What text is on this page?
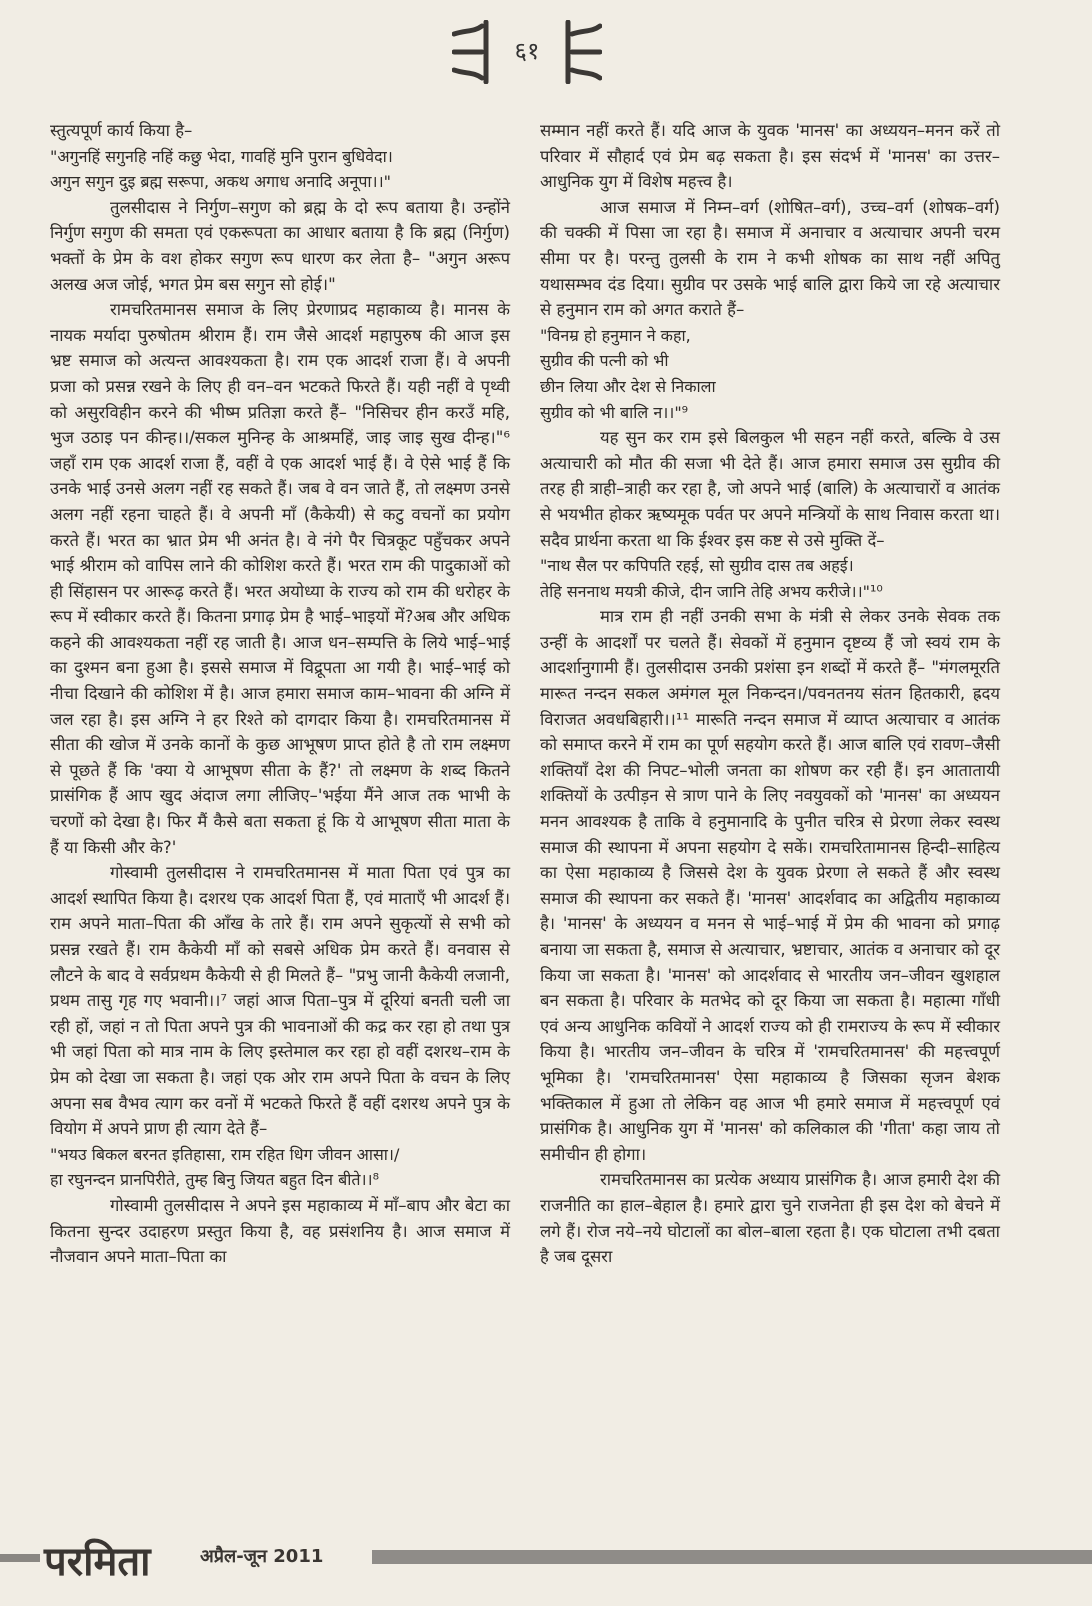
६१

स्तुत्यपूर्ण कार्य किया है–

"अगुनहिं सगुनहि नहिं कछु भेदा, गावहिं मुनि पुरान बुधिवेदा।

अगुन सगुन दुइ ब्रह्म सरूपा, अकथ अगाध अनादि अनूपा।।"

तुलसीदास ने निर्गुण–सगुण को ब्रह्म के दो रूप बताया है। उन्होंने निर्गुण सगुण की समता एवं एकरूपता का आधार बताया है कि ब्रह्म (निर्गुण) भक्तों के प्रेम के वश होकर सगुण रूप धारण कर लेता है– "अगुन अरूप अलख अज जोई, भगत प्रेम बस सगुन सो होई।"

रामचरितमानस समाज के लिए प्रेरणाप्रद महाकाव्य है। मानस के नायक मर्यादा पुरुषोतम श्रीराम हैं। राम जैसे आदर्श महापुरुष की आज इस भ्रष्ट समाज को अत्यन्त आवश्यकता है। राम एक आदर्श राजा हैं। वे अपनी प्रजा को प्रसन्न रखने के लिए ही वन–वन भटकते फिरते हैं। यही नहीं वे पृथ्वी को असुरविहीन करने की भीष्म प्रतिज्ञा करते हैं– "निसिचर हीन करउँ महि, भुज उठाइ पन कीन्ह।।/सकल मुनिन्ह के आश्रमहिं, जाइ जाइ सुख दीन्ह।"⁶ जहाँ राम एक आदर्श राजा हैं, वहीं वे एक आदर्श भाई हैं। वे ऐसे भाई हैं कि उनके भाई उनसे अलग नहीं रह सकते हैं। जब वे वन जाते हैं, तो लक्ष्मण उनसे अलग नहीं रहना चाहते हैं। वे अपनी माँ (कैकेयी) से कटु वचनों का प्रयोग करते हैं। भरत का भ्रात प्रेम भी अनंत है। वे नंगे पैर चित्रकूट पहुँचकर अपने भाई श्रीराम को वापिस लाने की कोशिश करते हैं। भरत राम की पादुकाओं को ही सिंहासन पर आरूढ़ करते हैं। भरत अयोध्या के राज्य को राम की धरोहर के रूप में स्वीकार करते हैं। कितना प्रगाढ़ प्रेम है भाई–भाइयों में?अब और अधिक कहने की आवश्यकता नहीं रह जाती है। आज धन–सम्पत्ति के लिये भाई–भाई का दुश्मन बना हुआ है। इससे समाज में विद्रूपता आ गयी है। भाई–भाई को नीचा दिखाने की कोशिश में है। आज हमारा समाज काम–भावना की अग्नि में जल रहा है। इस अग्नि ने हर रिश्ते को दागदार किया है। रामचरितमानस में सीता की खोज में उनके कानों के कुछ आभूषण प्राप्त होते है तो राम लक्ष्मण से पूछते हैं कि 'क्या ये आभूषण सीता के हैं?' तो लक्ष्मण के शब्द कितने प्रासंगिक हैं आप खुद अंदाज लगा लीजिए–'भईया मैंने आज तक भाभी के चरणों को देखा है। फिर मैं कैसे बता सकता हूं कि ये आभूषण सीता माता के हैं या किसी और के?'

गोस्वामी तुलसीदास ने रामचरितमानस में माता पिता एवं पुत्र का आदर्श स्थापित किया है। दशरथ एक आदर्श पिता हैं, एवं माताएँ भी आदर्श हैं। राम अपने माता–पिता की आँख के तारे हैं। राम अपने सुकृत्यों से सभी को प्रसन्न रखते हैं। राम कैकेयी माँ को सबसे अधिक प्रेम करते हैं। वनवास से लौटने के बाद वे सर्वप्रथम कैकेयी से ही मिलते हैं– "प्रभु जानी कैकेयी लजानी, प्रथम तासु गृह गए भवानी।।⁷ जहां आज पिता–पुत्र में दूरियां बनती चली जा रही हों, जहां न तो पिता अपने पुत्र की भावनाओं की कद्र कर रहा हो तथा पुत्र भी जहां पिता को मात्र नाम के लिए इस्तेमाल कर रहा हो वहीं दशरथ–राम के प्रेम को देखा जा सकता है। जहां एक ओर राम अपने पिता के वचन के लिए अपना सब वैभव त्याग कर वनों में भटकते फिरते हैं वहीं दशरथ अपने पुत्र के वियोग में अपने प्राण ही त्याग देते हैं–

"भयउ बिकल बरनत इतिहासा, राम रहित धिग जीवन आसा।/

हा रघुनन्दन प्रानपिरीते, तुम्ह बिनु जियत बहुत दिन बीते।।⁸

गोस्वामी तुलसीदास ने अपने इस महाकाव्य में माँ–बाप और बेटा का कितना सुन्दर उदाहरण प्रस्तुत किया है, वह प्रसंशनिय है। आज समाज में नौजवान अपने माता–पिता का

सम्मान नहीं करते हैं। यदि आज के युवक 'मानस' का अध्ययन–मनन करें तो परिवार में सौहार्द एवं प्रेम बढ़ सकता है। इस संदर्भ में 'मानस' का उत्तर–आधुनिक युग में विशेष महत्त्व है।

आज समाज में निम्न–वर्ग (शोषित–वर्ग), उच्च–वर्ग (शोषक–वर्ग) की चक्की में पिसा जा रहा है। समाज में अनाचार व अत्याचार अपनी चरम सीमा पर है। परन्तु तुलसी के राम ने कभी शोषक का साथ नहीं अपितु यथासम्भव दंड दिया। सुग्रीव पर उसके भाई बालि द्वारा किये जा रहे अत्याचार से हनुमान राम को अगत कराते हैं–

"विनम्र हो हनुमान ने कहा,

सुग्रीव की पत्नी को भी

छीन लिया और देश से निकाला

सुग्रीव को भी बालि न।।"⁹

यह सुन कर राम इसे बिलकुल भी सहन नहीं करते, बल्कि वे उस अत्याचारी को मौत की सजा भी देते हैं। आज हमारा समाज उस सुग्रीव की तरह ही त्राही–त्राही कर रहा है, जो अपने भाई (बालि) के अत्याचारों व आतंक से भयभीत होकर ऋष्यमूक पर्वत पर अपने मन्त्रियों के साथ निवास करता था। सदैव प्रार्थना करता था कि ईश्वर इस कष्ट से उसे मुक्ति दें–

"नाथ सैल पर कपिपति रहई, सो सुग्रीव दास तब अहई।

तेहि सननाथ मयत्री कीजे, दीन जानि तेहि अभय करीजे।।"¹⁰

मात्र राम ही नहीं उनकी सभा के मंत्री से लेकर उनके सेवक तक उन्हीं के आदर्शों पर चलते हैं। सेवकों में हनुमान दृष्टव्य हैं जो स्वयं राम के आदर्शानुगामी हैं। तुलसीदास उनकी प्रशंसा इन शब्दों में करते हैं– "मंगलमूरति मारूत नन्दन सकल अमंगल मूल निकन्दन।/पवनतनय संतन हितकारी, ह्रदय विराजत अवधबिहारी।।¹¹ मारूति नन्दन समाज में व्याप्त अत्याचार व आतंक को समाप्त करने में राम का पूर्ण सहयोग करते हैं। आज बालि एवं रावण–जैसी शक्तियाँ देश की निपट–भोली जनता का शोषण कर रही हैं। इन आतातायी शक्तियों के उत्पीड़न से त्राण पाने के लिए नवयुवकों को 'मानस' का अध्ययन मनन आवश्यक है ताकि वे हनुमानादि के पुनीत चरित्र से प्रेरणा लेकर स्वस्थ समाज की स्थापना में अपना सहयोग दे सकें। रामचरितामानस हिन्दी–साहित्य का ऐसा महाकाव्य है जिससे देश के युवक प्रेरणा ले सकते हैं और स्वस्थ समाज की स्थापना कर सकते हैं। 'मानस' आदर्शवाद का अद्वितीय महाकाव्य है। 'मानस' के अध्ययन व मनन से भाई–भाई में प्रेम की भावना को प्रगाढ़ बनाया जा सकता है, समाज से अत्याचार, भ्रष्टाचार, आतंक व अनाचार को दूर किया जा सकता है। 'मानस' को आदर्शवाद से भारतीय जन–जीवन खुशहाल बन सकता है। परिवार के मतभेद को दूर किया जा सकता है। महात्मा गाँधी एवं अन्य आधुनिक कवियों ने आदर्श राज्य को ही रामराज्य के रूप में स्वीकार किया है। भारतीय जन–जीवन के चरित्र में 'रामचरितमानस' की महत्त्वपूर्ण भूमिका है। 'रामचरितमानस' ऐसा महाकाव्य है जिसका सृजन बेशक भक्तिकाल में हुआ तो लेकिन वह आज भी हमारे समाज में महत्त्वपूर्ण एवं प्रासंगिक है। आधुनिक युग में 'मानस' को कलिकाल की 'गीता' कहा जाय तो समीचीन ही होगा।

रामचरितमानस का प्रत्येक अध्याय प्रासंगिक है। आज हमारी देश की राजनीति का हाल–बेहाल है। हमारे द्वारा चुने राजनेता ही इस देश को बेचने में लगे हैं। रोज नये–नये घोटालों का बोल–बाला रहता है। एक घोटाला तभी दबता है जब दूसरा

परमिता	अप्रैल-जून 2011
